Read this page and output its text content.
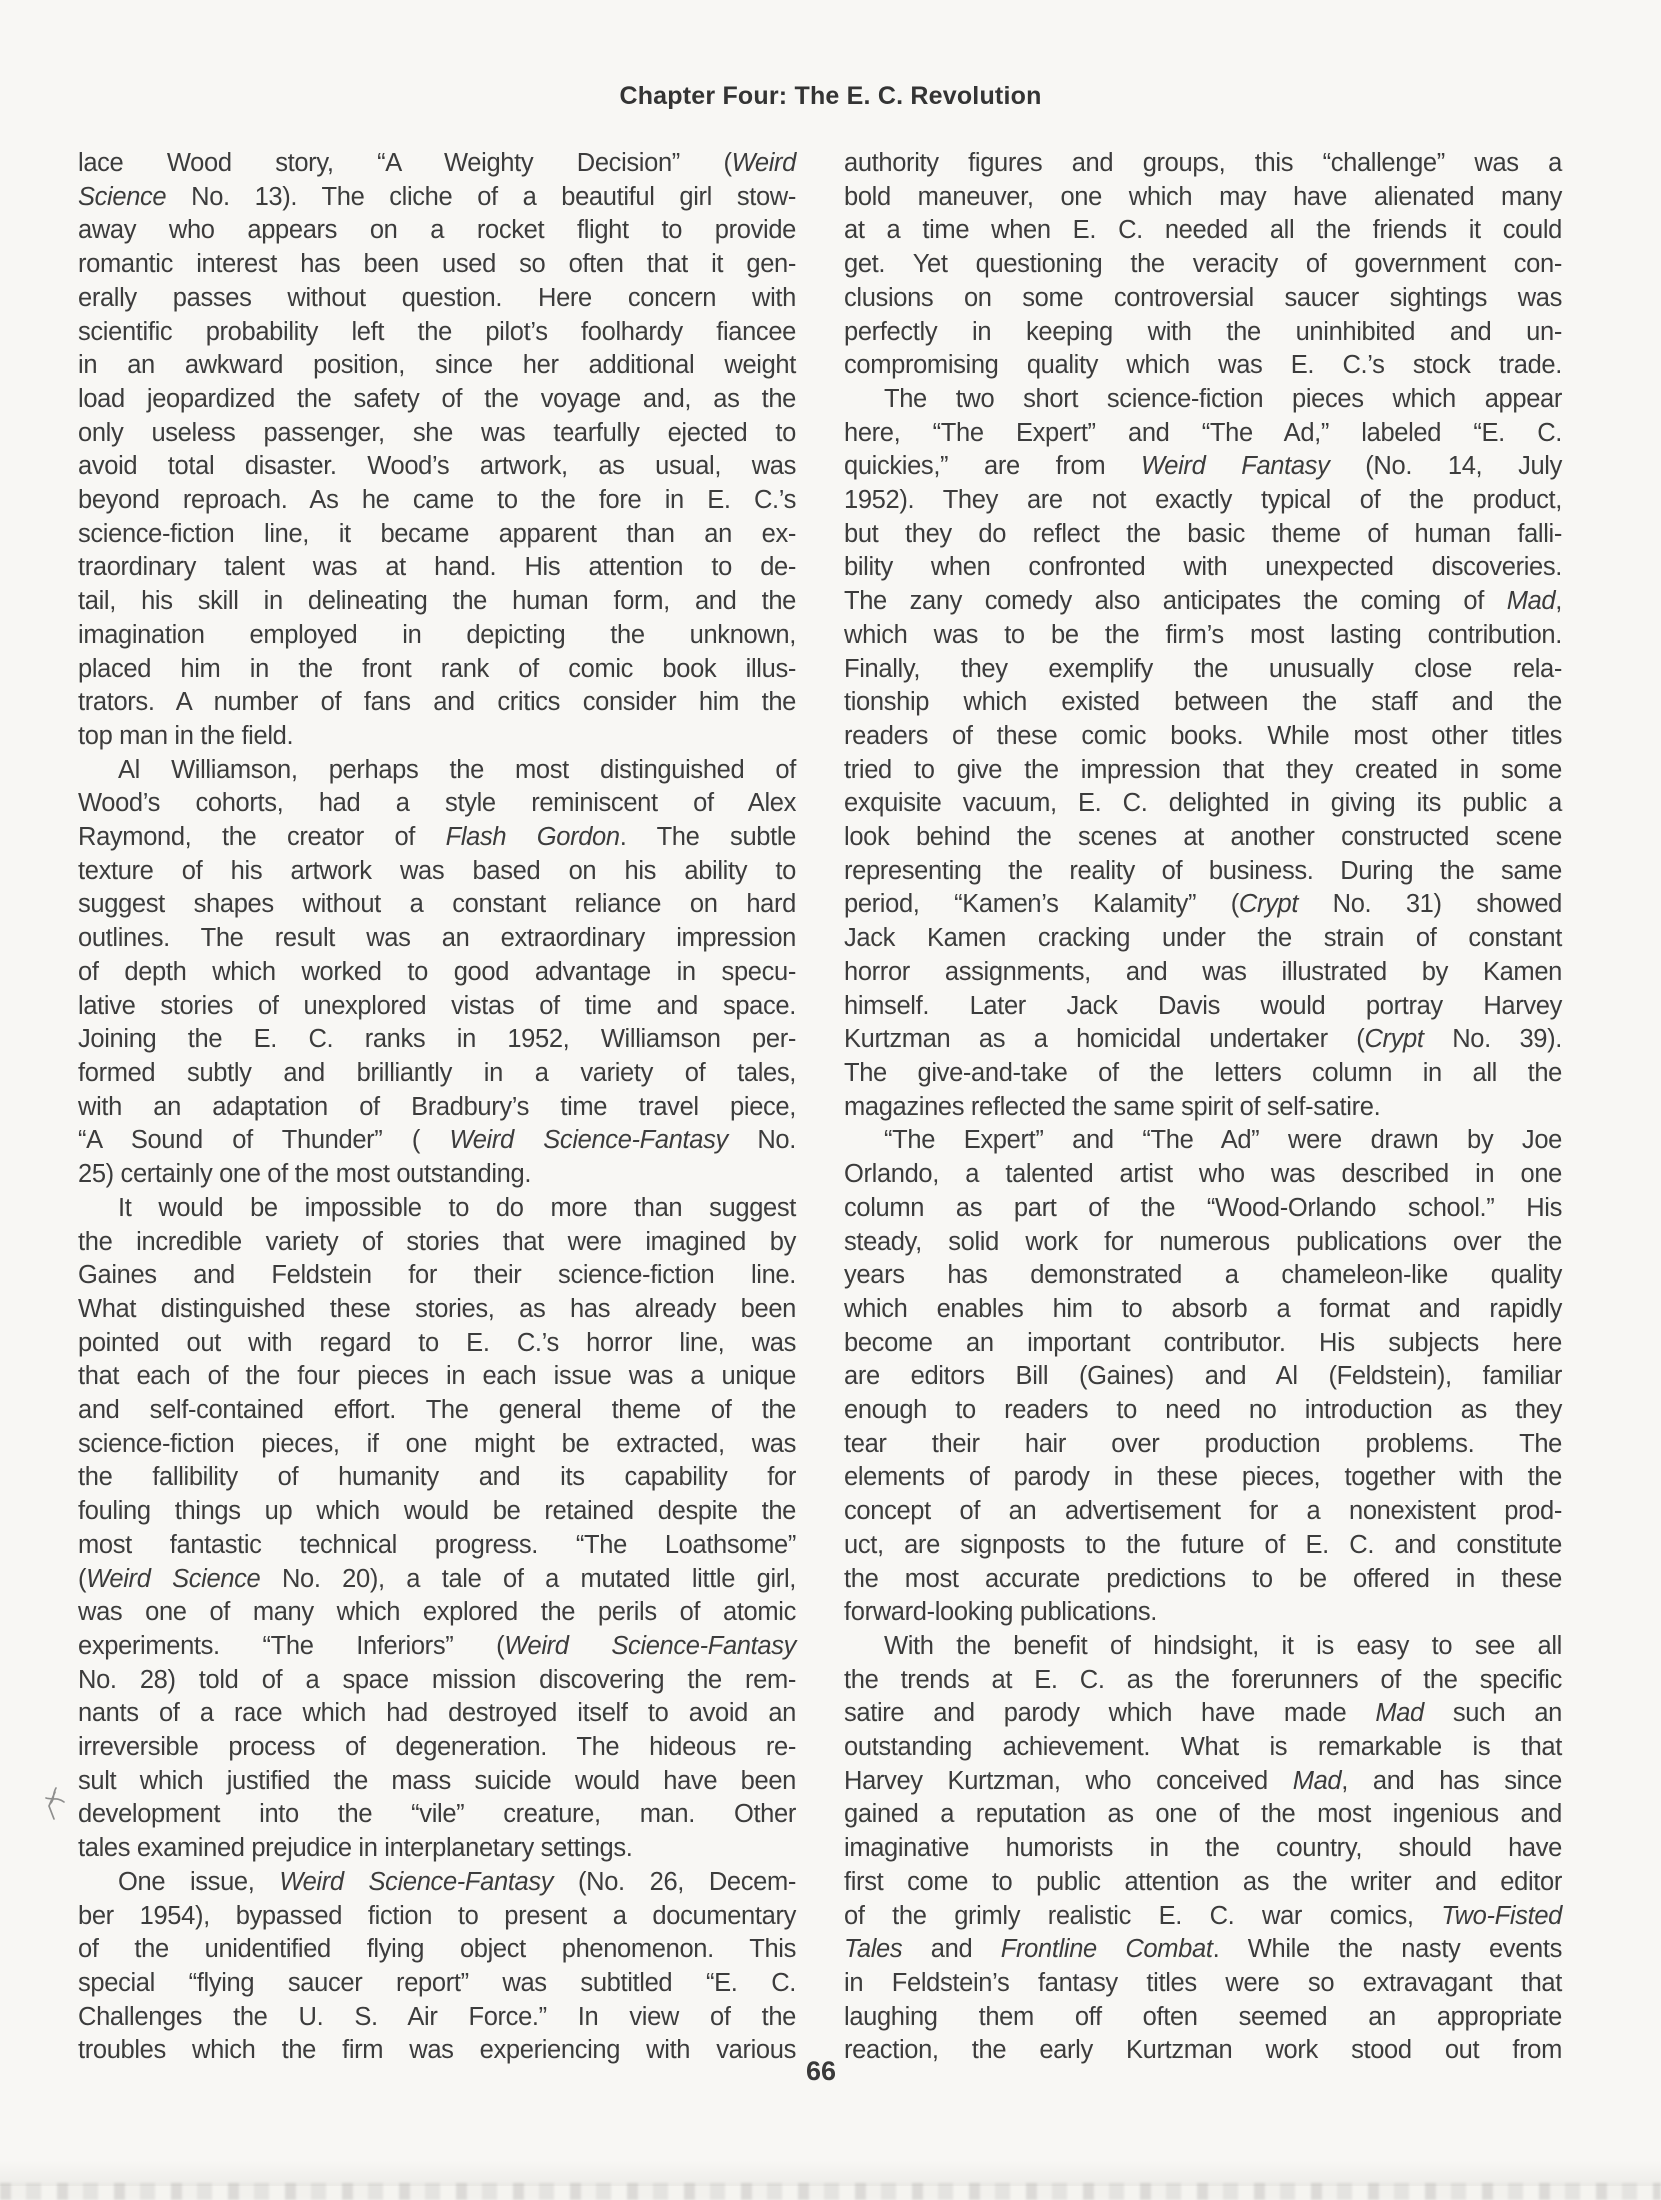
Chapter Four: The E. C. Revolution
lace Wood story, “A Weighty Decision” (Weird
Science No. 13). The cliche of a beautiful girl stow-
away who appears on a rocket flight to provide
romantic interest has been used so often that it gen-
erally passes without question. Here concern with
scientific probability left the pilot’s foolhardy fiancee
in an awkward position, since her additional weight
load jeopardized the safety of the voyage and, as the
only useless passenger, she was tearfully ejected to
avoid total disaster. Wood’s artwork, as usual, was
beyond reproach. As he came to the fore in E. C.’s
science-fiction line, it became apparent than an ex-
traordinary talent was at hand. His attention to de-
tail, his skill in delineating the human form, and the
imagination employed in depicting the unknown,
placed him in the front rank of comic book illus-
trators. A number of fans and critics consider him the
top man in the field.
Al Williamson, perhaps the most distinguished of
Wood’s cohorts, had a style reminiscent of Alex
Raymond, the creator of Flash Gordon. The subtle
texture of his artwork was based on his ability to
suggest shapes without a constant reliance on hard
outlines. The result was an extraordinary impression
of depth which worked to good advantage in specu-
lative stories of unexplored vistas of time and space.
Joining the E. C. ranks in 1952, Williamson per-
formed subtly and brilliantly in a variety of tales,
with an adaptation of Bradbury’s time travel piece,
“A Sound of Thunder” ( Weird Science-Fantasy No.
25) certainly one of the most outstanding.
It would be impossible to do more than suggest
the incredible variety of stories that were imagined by
Gaines and Feldstein for their science-fiction line.
What distinguished these stories, as has already been
pointed out with regard to E. C.’s horror line, was
that each of the four pieces in each issue was a unique
and self-contained effort. The general theme of the
science-fiction pieces, if one might be extracted, was
the fallibility of humanity and its capability for
fouling things up which would be retained despite the
most fantastic technical progress. “The Loathsome”
(Weird Science No. 20), a tale of a mutated little girl,
was one of many which explored the perils of atomic
experiments. “The Inferiors” (Weird Science-Fantasy
No. 28) told of a space mission discovering the rem-
nants of a race which had destroyed itself to avoid an
irreversible process of degeneration. The hideous re-
sult which justified the mass suicide would have been
development into the “vile” creature, man. Other
tales examined prejudice in interplanetary settings.
One issue, Weird Science-Fantasy (No. 26, Decem-
ber 1954), bypassed fiction to present a documentary
of the unidentified flying object phenomenon. This
special “flying saucer report” was subtitled “E. C.
Challenges the U. S. Air Force.” In view of the
troubles which the firm was experiencing with various
authority figures and groups, this “challenge” was a
bold maneuver, one which may have alienated many
at a time when E. C. needed all the friends it could
get. Yet questioning the veracity of government con-
clusions on some controversial saucer sightings was
perfectly in keeping with the uninhibited and un-
compromising quality which was E. C.’s stock trade.
The two short science-fiction pieces which appear
here, “The Expert” and “The Ad,” labeled “E. C.
quickies,” are from Weird Fantasy (No. 14, July
1952). They are not exactly typical of the product,
but they do reflect the basic theme of human falli-
bility when confronted with unexpected discoveries.
The zany comedy also anticipates the coming of Mad,
which was to be the firm’s most lasting contribution.
Finally, they exemplify the unusually close rela-
tionship which existed between the staff and the
readers of these comic books. While most other titles
tried to give the impression that they created in some
exquisite vacuum, E. C. delighted in giving its public a
look behind the scenes at another constructed scene
representing the reality of business. During the same
period, “Kamen’s Kalamity” (Crypt No. 31) showed
Jack Kamen cracking under the strain of constant
horror assignments, and was illustrated by Kamen
himself. Later Jack Davis would portray Harvey
Kurtzman as a homicidal undertaker (Crypt No. 39).
The give-and-take of the letters column in all the
magazines reflected the same spirit of self-satire.
“The Expert” and “The Ad” were drawn by Joe
Orlando, a talented artist who was described in one
column as part of the “Wood-Orlando school.” His
steady, solid work for numerous publications over the
years has demonstrated a chameleon-like quality
which enables him to absorb a format and rapidly
become an important contributor. His subjects here
are editors Bill (Gaines) and Al (Feldstein), familiar
enough to readers to need no introduction as they
tear their hair over production problems. The
elements of parody in these pieces, together with the
concept of an advertisement for a nonexistent prod-
uct, are signposts to the future of E. C. and constitute
the most accurate predictions to be offered in these
forward-looking publications.
With the benefit of hindsight, it is easy to see all
the trends at E. C. as the forerunners of the specific
satire and parody which have made Mad such an
outstanding achievement. What is remarkable is that
Harvey Kurtzman, who conceived Mad, and has since
gained a reputation as one of the most ingenious and
imaginative humorists in the country, should have
first come to public attention as the writer and editor
of the grimly realistic E. C. war comics, Two-Fisted
Tales and Frontline Combat. While the nasty events
in Feldstein’s fantasy titles were so extravagant that
laughing them off often seemed an appropriate
reaction, the early Kurtzman work stood out from
66
